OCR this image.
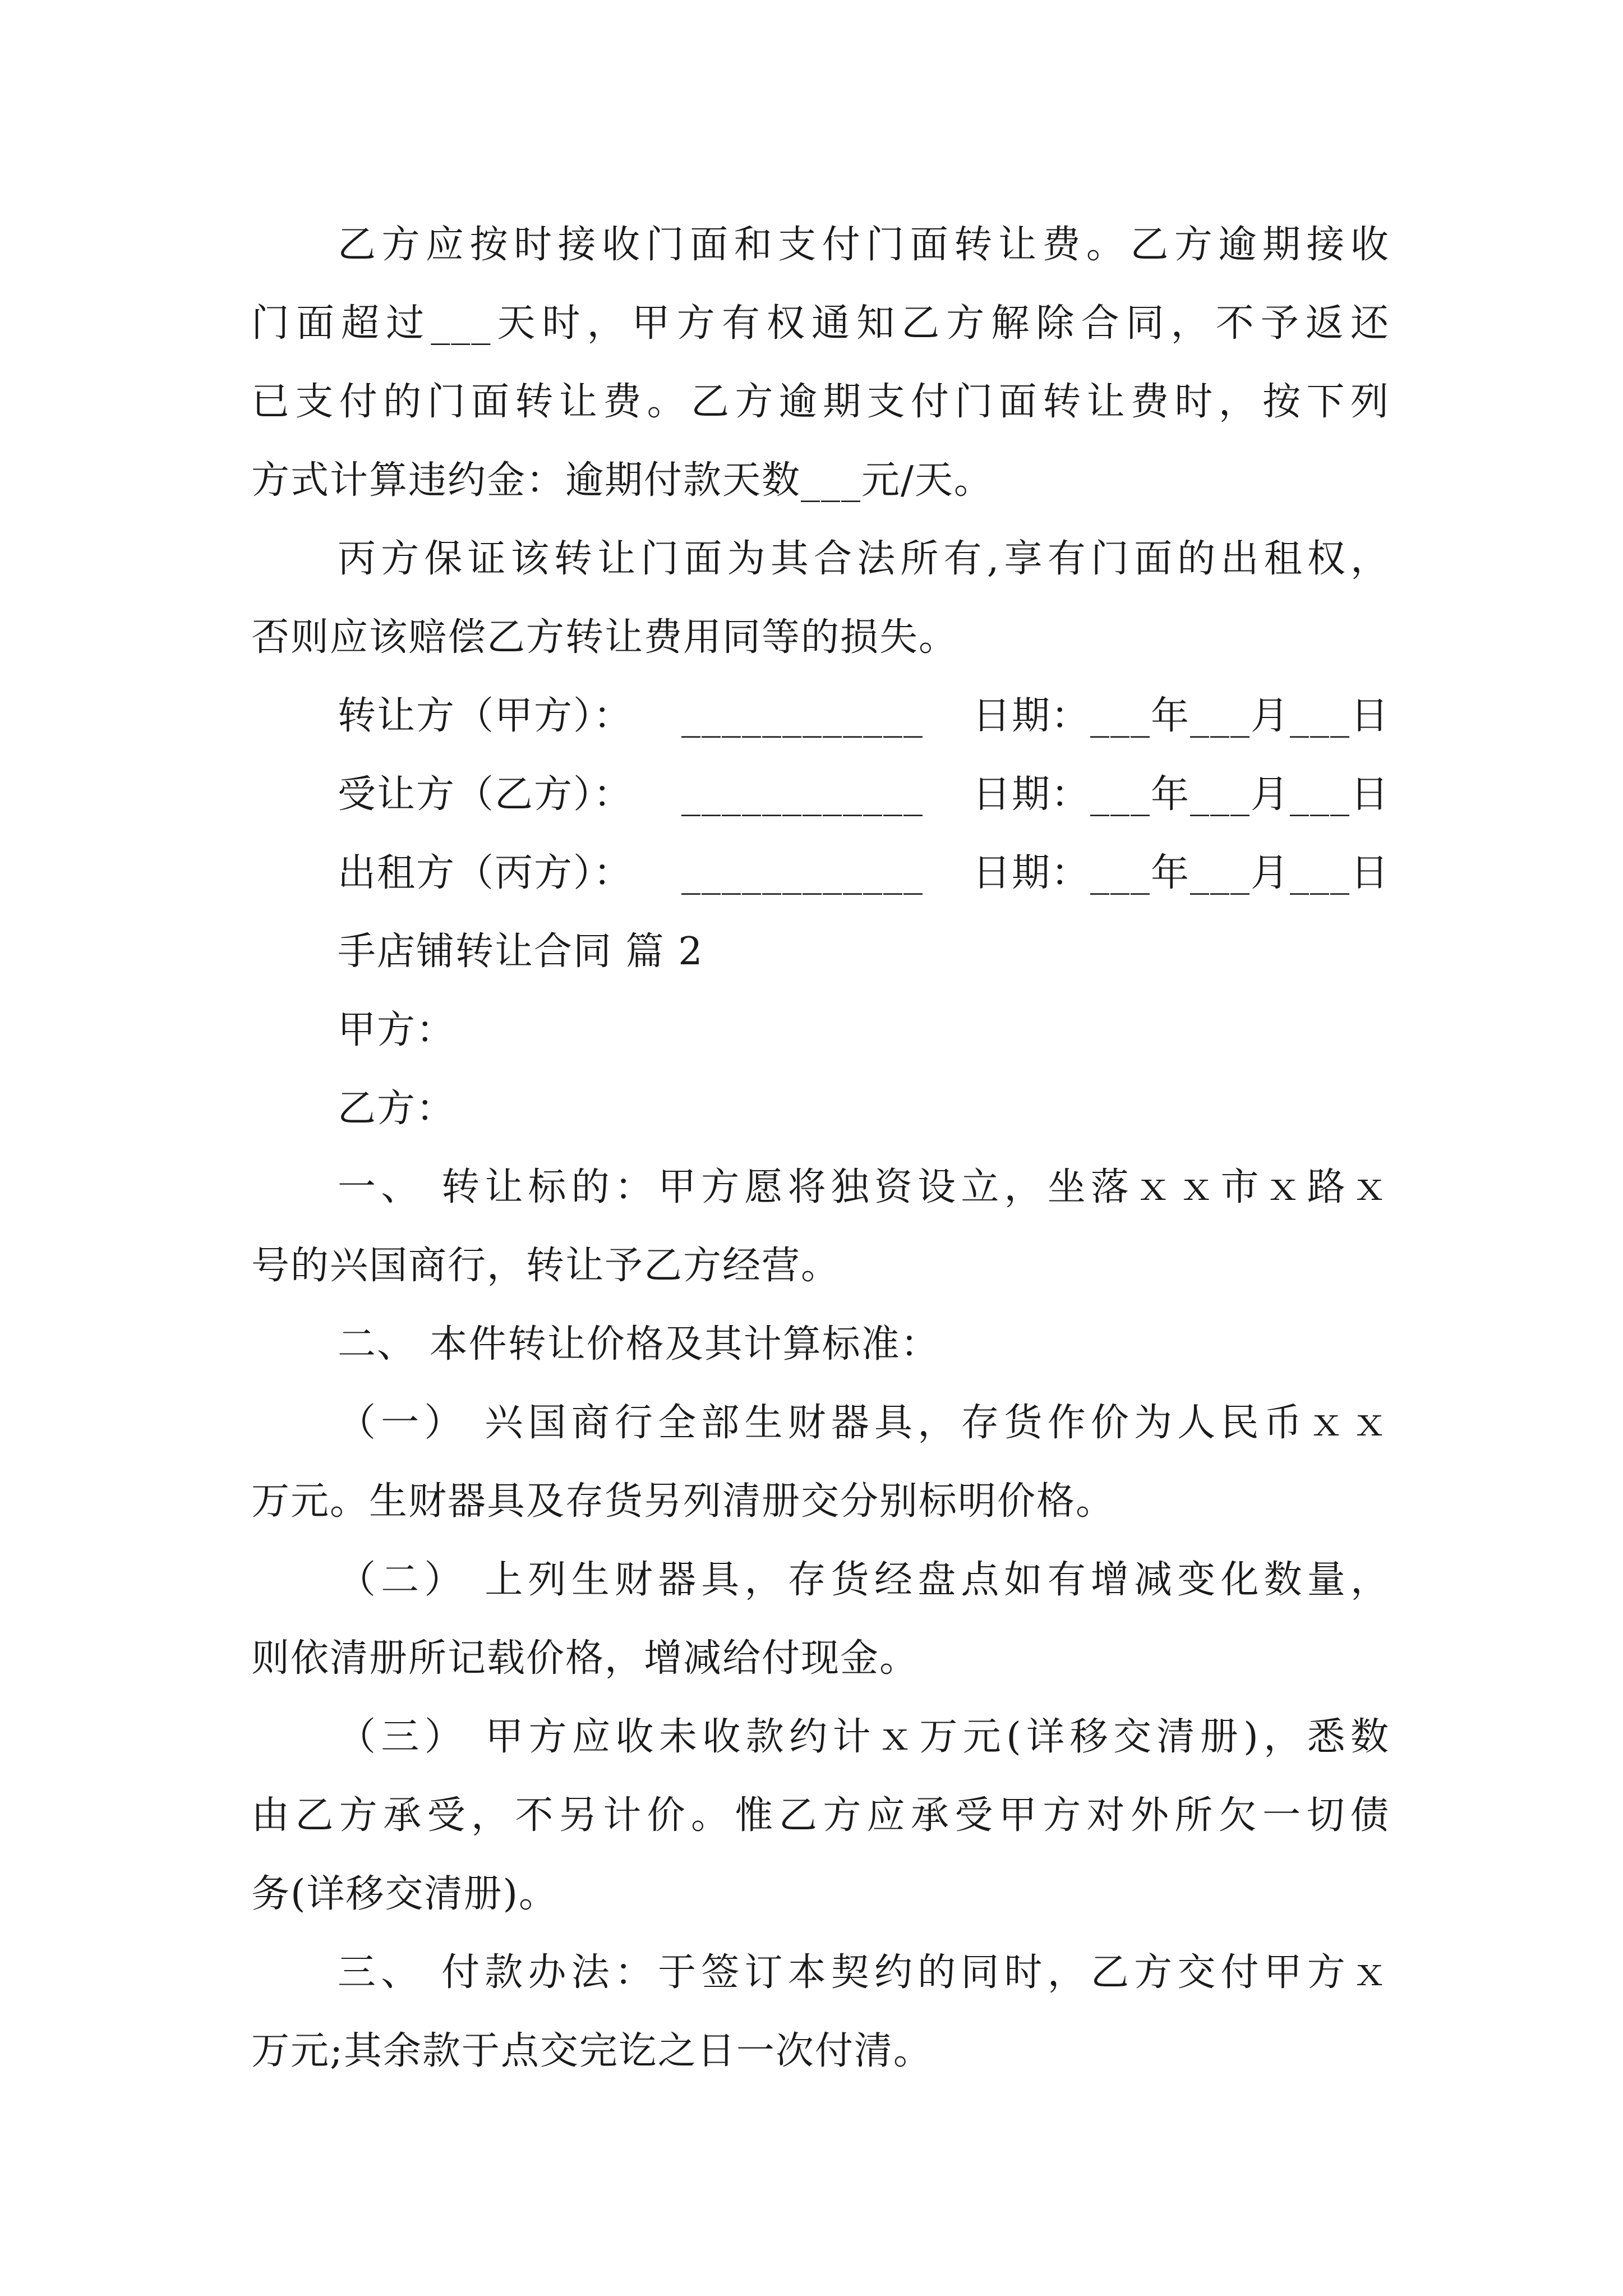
乙方应按时接收门面和支付门面转让费。乙方逾期接收
门面超过___天时，甲方有权通知乙方解除合同，不予返还
已支付的门面转让费。乙方逾期支付门面转让费时，按下列
方式计算违约金：逾期付款天数___元/天。
丙方保证该转让门面为其合法所有,享有门面的出租权，
否则应该赔偿乙方转让费用同等的损失。
转让方（甲方）： ____________ 日期：___年___月___日
受让方（乙方）： ____________ 日期：___年___月___日
出租方（丙方）： ____________ 日期：___年___月___日
手店铺转让合同 篇 2
甲方：
乙方：
一、 转让标的：甲方愿将独资设立，坐落ｘｘ市ｘ路ｘ
号的兴国商行，转让予乙方经营。
二、 本件转让价格及其计算标准：
（一） 兴国商行全部生财器具，存货作价为人民币ｘｘ
万元。生财器具及存货另列清册交分别标明价格。
（二） 上列生财器具，存货经盘点如有增减变化数量，
则依清册所记载价格，增减给付现金。
（三） 甲方应收未收款约计ｘ万元(详移交清册)，悉数
由乙方承受，不另计价。惟乙方应承受甲方对外所欠一切债
务(详移交清册)。
三、 付款办法：于签订本契约的同时，乙方交付甲方ｘ
万元;其余款于点交完讫之日一次付清。
